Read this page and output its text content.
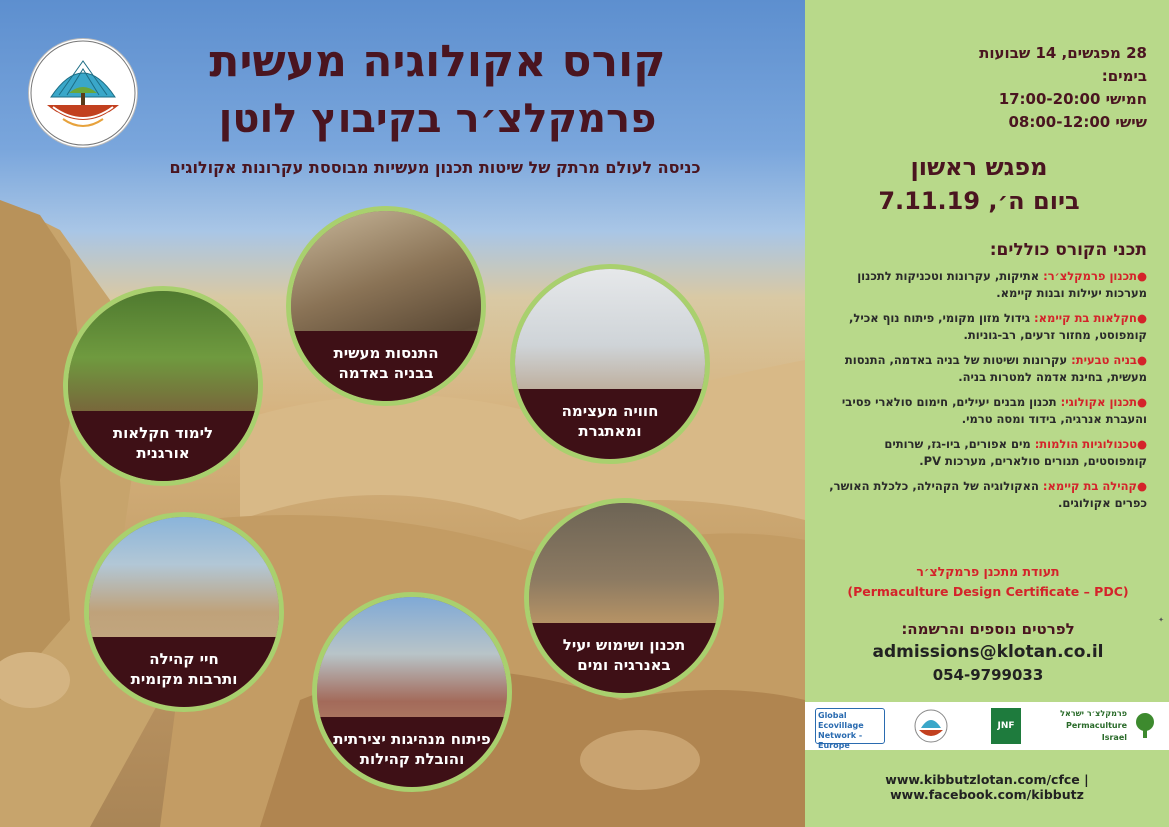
קורס אקולוגיה מעשית
פרמקלצ׳ר בקיבוץ לוטן
כניסה לעולם מרתק של שיטות תכנון מעשיות מבוססת עקרונות אקולוגים
התנסות מעשית
בבניה באדמה
חוויה מעצימה
ומאתגרת
לימוד חקלאות
אורגנית
תכנון ושימוש יעיל
באנרגיה ומים
חיי קהילה
ותרבות מקומית
פיתוח מנהיגות יצירתית
והובלת קהילות
28 מפגשים, 14 שבועות
בימים:
חמישי 17:00-20:00
שישי 08:00-12:00
מפגש ראשון
ביום ה׳, 7.11.19
תכני הקורס כוללים:
●תכנון פרמקלצ׳ר: אתיקות, עקרונות וטכניקות לתכנון מערכות יעילות ובנות קיימא.
●חקלאות בת קיימא: גידול מזון מקומי, פיתוח נוף אכיל, קומפוסט, מחזור זרעים, רב-גוניות.
●בניה טבעית: עקרונות ושיטות של בניה באדמה, התנסות מעשית, בחינת אדמה למטרות בניה.
●תכנון אקולוגי: תכנון מבנים יעילים, חימום סולארי פסיבי והעברת אנרגיה, בידוד ומסה טרמי.
●טכנולוגיות הולמות: מים אפורים, ביו-גז, שרותים קומפוסטים, תנורים סולארים, מערכות PV.
●קהילה בת קיימא: האקולוגיה של הקהילה, כלכלת האושר, כפרים אקולוגים.
תעודת מתכנן פרמקלצ׳ר
(Permaculture Design Certificate – PDC)
לפרטים נוספים והרשמה:
admissions@klotan.co.il
054-9799033
✦
Global Ecovillage Network - Europe
JNF
פרמקלצ׳ר ישראל
Permaculture Israel
www.kibbutzlotan.com/cfce | www.facebook.com/kibbutz
